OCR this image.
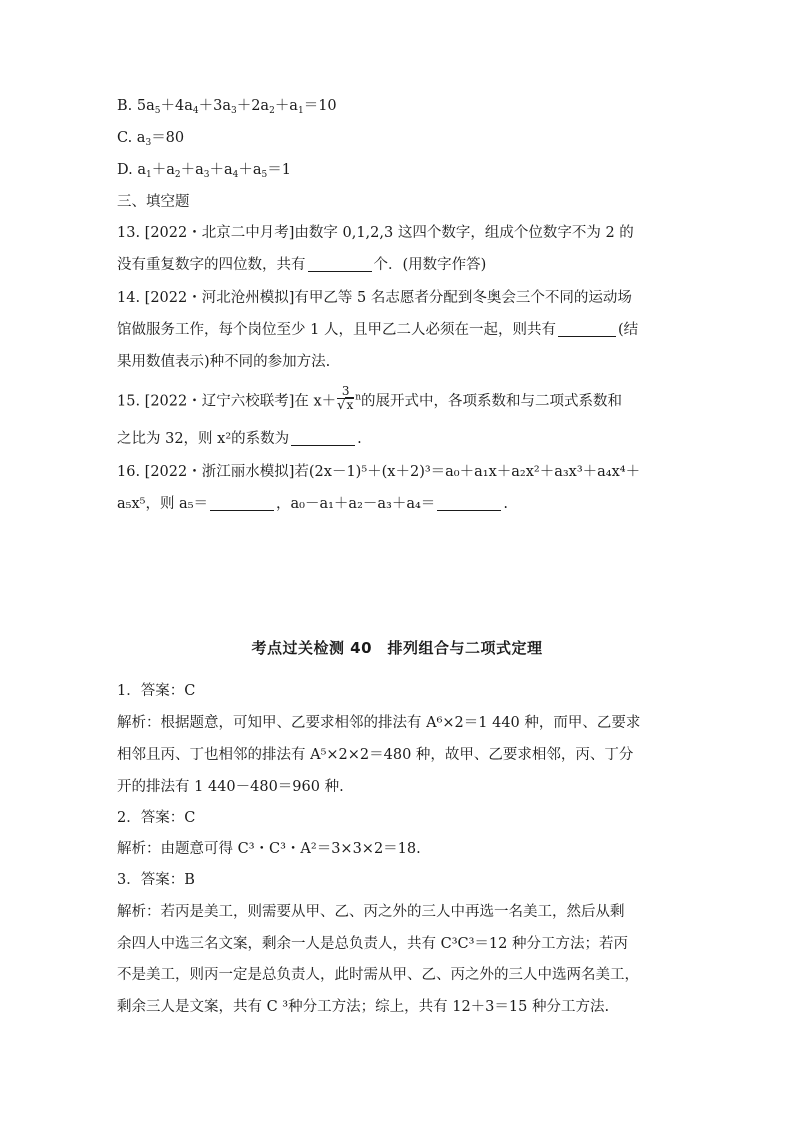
B. $5a_5+4a_4+3a_3+2a_2+a_1=10$
C. $a_3=80$
D. $a_1+a_2+a_3+a_4+a_5=1$
三、填空题
13. [2022・北京二中月考]由数字 0,1,2,3 这四个数字，组成个位数字不为 2 的
没有重复数字的四位数，共有	个．(用数字作答)
14. [2022・河北沧州模拟]有甲乙等 5 名志愿者分配到冬奥会三个不同的运动场
馆做服务工作，每个岗位至少 1 人，且甲乙二人必须在一起，则共有	(结
果用数值表示)种不同的参加方法.
15. [2022・辽宁六校联考]在 $x+ \frac{3}{√x} ^n$的展开式中，各项系数和与二项式系数和
之比为 32，则 x²的系数为	.
16. [2022・浙江丽水模拟]若(2x－1)⁵＋(x＋2)³＝a₀＋a₁x＋a₂x²＋a₃x³＋a₄x⁴＋
a₅x⁵，则 a₅＝	，a₀－a₁＋a₂－a₃＋a₄＝	.
考点过关检测 40　排列组合与二项式定理
1．答案：C
解析：根据题意，可知甲、乙要求相邻的排法有 A⁶×2＝1 440 种，而甲、乙要求
相邻且丙、丁也相邻的排法有 A⁵×2×2＝480 种，故甲、乙要求相邻，丙、丁分
开的排法有 1 440－480＝960 种.
2．答案：C
解析：由题意可得 C³・C³・A²＝3×3×2＝18.
3．答案：B
解析：若丙是美工，则需要从甲、乙、丙之外的三人中再选一名美工，然后从剩
余四人中选三名文案，剩余一人是总负责人，共有 C³C³＝12 种分工方法；若丙
不是美工，则丙一定是总负责人，此时需从甲、乙、丙之外的三人中选两名美工，
剩余三人是文案，共有 C ³种分工方法；综上，共有 12＋3＝15 种分工方法.
